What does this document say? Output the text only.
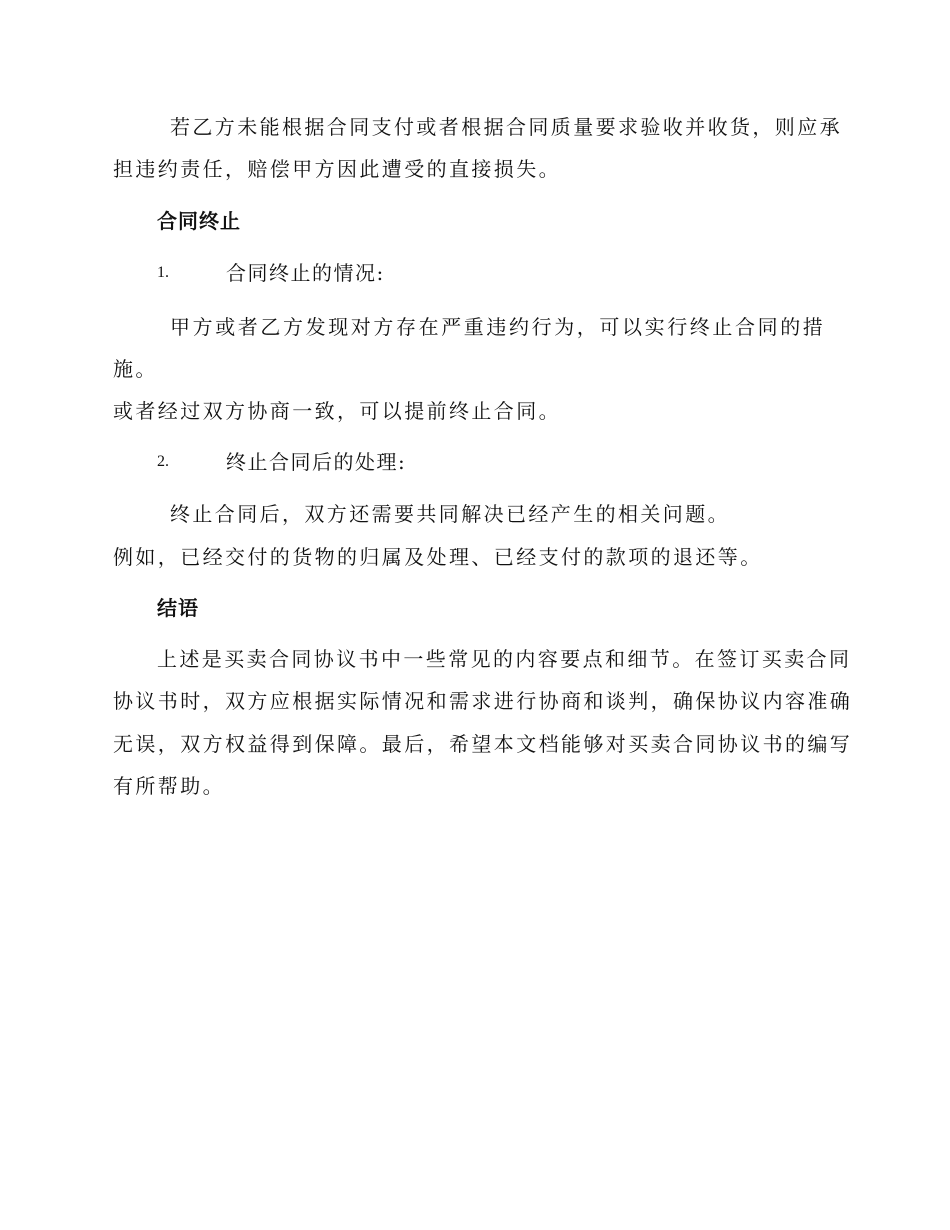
若乙方未能根据合同支付或者根据合同质量要求验收并收货，则应承
担违约责任，赔偿甲方因此遭受的直接损失。
合同终止
1.	合同终止的情况:
甲方或者乙方发现对方存在严重违约行为，可以实行终止合同的措
施。
或者经过双方协商一致，可以提前终止合同。
2.	终止合同后的处理:
终止合同后，双方还需要共同解决已经产生的相关问题。
例如，已经交付的货物的归属及处理、已经支付的款项的退还等。
结语
上述是买卖合同协议书中一些常见的内容要点和细节。在签订买卖合同
协议书时，双方应根据实际情况和需求进行协商和谈判，确保协议内容准确
无误，双方权益得到保障。最后，希望本文档能够对买卖合同协议书的编写
有所帮助。
